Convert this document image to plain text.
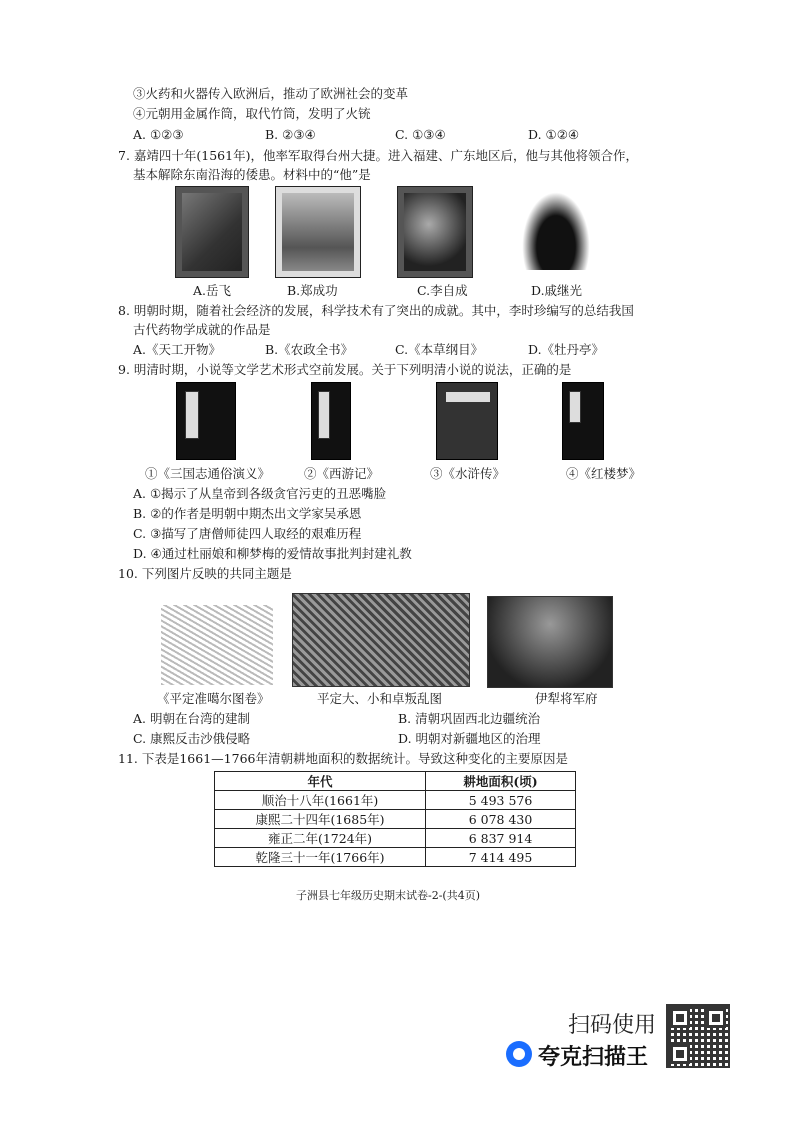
③火药和火器传入欧洲后，推动了欧洲社会的变革
④元朝用金属作筒，取代竹筒，发明了火铳
A. ①②③	B. ②③④	C. ①③④	D. ①②④
7. 嘉靖四十年(1561年)，他率军取得台州大捷。进入福建、广东地区后，他与其他将领合作，
基本解除东南沿海的倭患。材料中的“他”是
A.岳飞	B.郑成功	C.李自成	D.戚继光
8. 明朝时期，随着社会经济的发展，科学技术有了突出的成就。其中，李时珍编写的总结我国
古代药物学成就的作品是
A.《天工开物》	B.《农政全书》	C.《本草纲目》	D.《牡丹亭》
9. 明清时期，小说等文学艺术形式空前发展。关于下列明清小说的说法，正确的是
①《三国志通俗演义》	②《西游记》	③《水浒传》	④《红楼梦》
A. ①揭示了从皇帝到各级贪官污吏的丑恶嘴脸
B. ②的作者是明朝中期杰出文学家吴承恩
C. ③描写了唐僧师徒四人取经的艰难历程
D. ④通过杜丽娘和柳梦梅的爱情故事批判封建礼教
10. 下列图片反映的共同主题是
《平定准噶尔图卷》	平定大、小和卓叛乱图	伊犁将军府
A. 明朝在台湾的建制	B. 清朝巩固西北边疆统治
C. 康熙反击沙俄侵略	D. 明朝对新疆地区的治理
11. 下表是1661—1766年清朝耕地面积的数据统计。导致这种变化的主要原因是
年代	耕地面积(顷)
顺治十八年(1661年)	5 493 576
康熙二十四年(1685年)	6 078 430
雍正二年(1724年)	6 837 914
乾隆三十一年(1766年)	7 414 495
子洲县七年级历史期末试卷-2-(共4页)
扫码使用
夸克扫描王
